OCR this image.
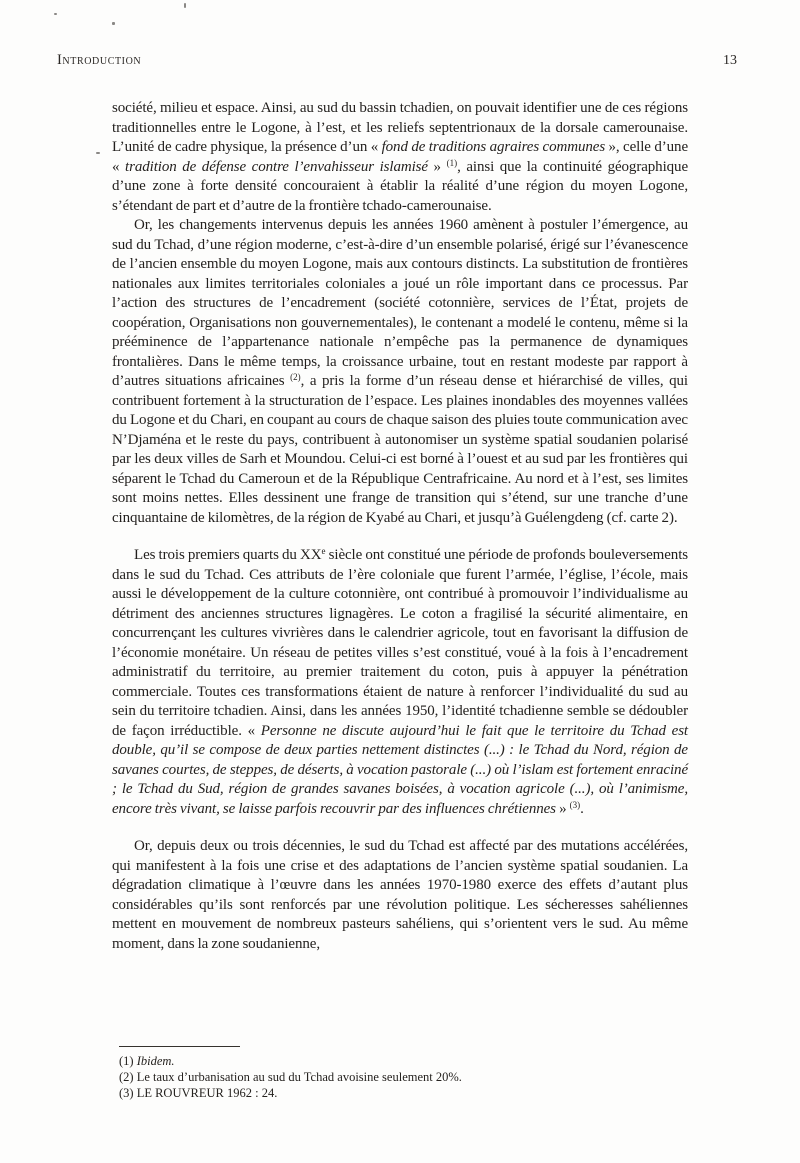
Introduction	13

société, milieu et espace. Ainsi, au sud du bassin tchadien, on pouvait identifier une de ces régions traditionnelles entre le Logone, à l’est, et les reliefs septentrionaux de la dorsale camerounaise. L’unité de cadre physique, la présence d’un « fond de traditions agraires communes », celle d’une « tradition de défense contre l’envahisseur islamisé » $^{(1)}$, ainsi que la continuité géographique d’une zone à forte densité concouraient à établir la réalité d’une région du moyen Logone, s’étendant de part et d’autre de la frontière tchado-camerounaise.

Or, les changements intervenus depuis les années 1960 amènent à postuler l’émergence, au sud du Tchad, d’une région moderne, c’est-à-dire d’un ensemble polarisé, érigé sur l’évanescence de l’ancien ensemble du moyen Logone, mais aux contours distincts. La substitution de frontières nationales aux limites territoriales coloniales a joué un rôle important dans ce processus. Par l’action des structures de l’encadrement (société cotonnière, services de l’État, projets de coopération, Organisations non gouvernementales), le contenant a modelé le contenu, même si la prééminence de l’appartenance nationale n’empêche pas la permanence de dynamiques frontalières. Dans le même temps, la croissance urbaine, tout en restant modeste par rapport à d’autres situations africaines $^{(2)}$, a pris la forme d’un réseau dense et hiérarchisé de villes, qui contribuent fortement à la structuration de l’espace. Les plaines inondables des moyennes vallées du Logone et du Chari, en coupant au cours de chaque saison des pluies toute communication avec N’Djaména et le reste du pays, contribuent à autonomiser un système spatial soudanien polarisé par les deux villes de Sarh et Moundou. Celui-ci est borné à l’ouest et au sud par les frontières qui séparent le Tchad du Cameroun et de la République Centrafricaine. Au nord et à l’est, ses limites sont moins nettes. Elles dessinent une frange de transition qui s’étend, sur une tranche d’une cinquantaine de kilomètres, de la région de Kyabé au Chari, et jusqu’à Guélengdeng (cf. carte 2).

Les trois premiers quarts du XXe siècle ont constitué une période de profonds bouleversements dans le sud du Tchad. Ces attributs de l’ère coloniale que furent l’armée, l’église, l’école, mais aussi le développement de la culture cotonnière, ont contribué à promouvoir l’individualisme au détriment des anciennes structures lignagères. Le coton a fragilisé la sécurité alimentaire, en concurrençant les cultures vivrières dans le calendrier agricole, tout en favorisant la diffusion de l’économie monétaire. Un réseau de petites villes s’est constitué, voué à la fois à l’encadrement administratif du territoire, au premier traitement du coton, puis à appuyer la pénétration commerciale. Toutes ces transformations étaient de nature à renforcer l’individualité du sud au sein du territoire tchadien. Ainsi, dans les années 1950, l’identité tchadienne semble se dédoubler de façon irréductible. « Personne ne discute aujourd’hui le fait que le territoire du Tchad est double, qu’il se compose de deux parties nettement distinctes (...) : le Tchad du Nord, région de savanes courtes, de steppes, de déserts, à vocation pastorale (...) où l’islam est fortement enraciné ; le Tchad du Sud, région de grandes savanes boisées, à vocation agricole (...), où l’animisme, encore très vivant, se laisse parfois recouvrir par des influences chrétiennes » $^{(3)}$.

Or, depuis deux ou trois décennies, le sud du Tchad est affecté par des mutations accélérées, qui manifestent à la fois une crise et des adaptations de l’ancien système spatial soudanien. La dégradation climatique à l’œuvre dans les années 1970-1980 exerce des effets d’autant plus considérables qu’ils sont renforcés par une révolution politique. Les sécheresses sahéliennes mettent en mouvement de nombreux pasteurs sahéliens, qui s’orientent vers le sud. Au même moment, dans la zone soudanienne,

(1) Ibidem.
(2) Le taux d’urbanisation au sud du Tchad avoisine seulement 20%.
(3) LE ROUVREUR 1962 : 24.
